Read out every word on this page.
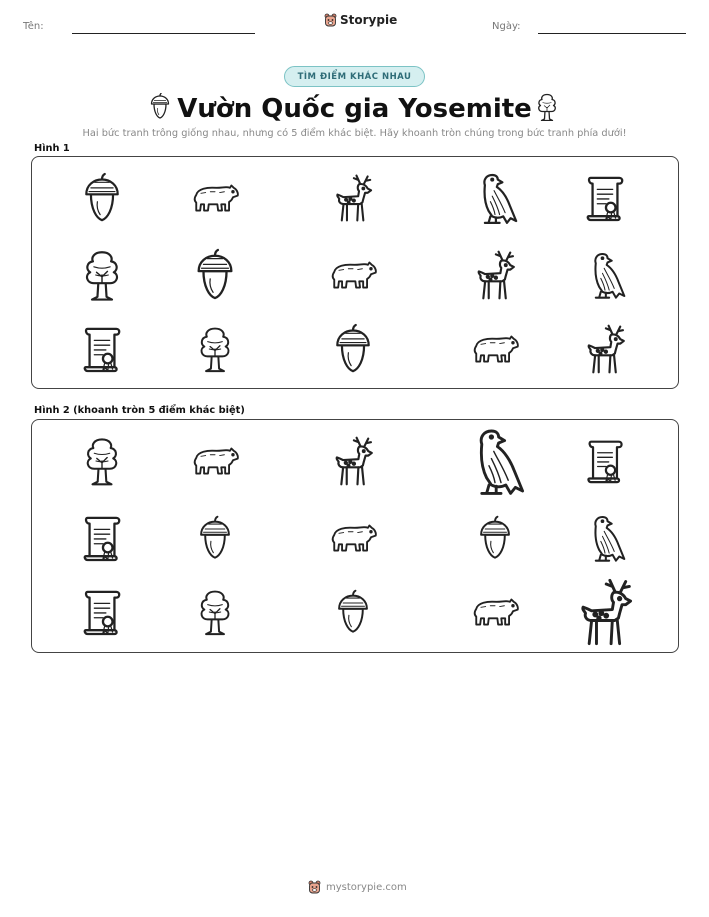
Tên:	Storypie	Ngày:
TÌM ĐIỂM KHÁC NHAU
Vườn Quốc gia Yosemite
Hai bức tranh trông giống nhau, nhưng có 5 điểm khác biệt. Hãy khoanh tròn chúng trong bức tranh phía dưới!
Hình 1
Hình 2 (khoanh tròn 5 điểm khác biệt)
mystorypie.com
